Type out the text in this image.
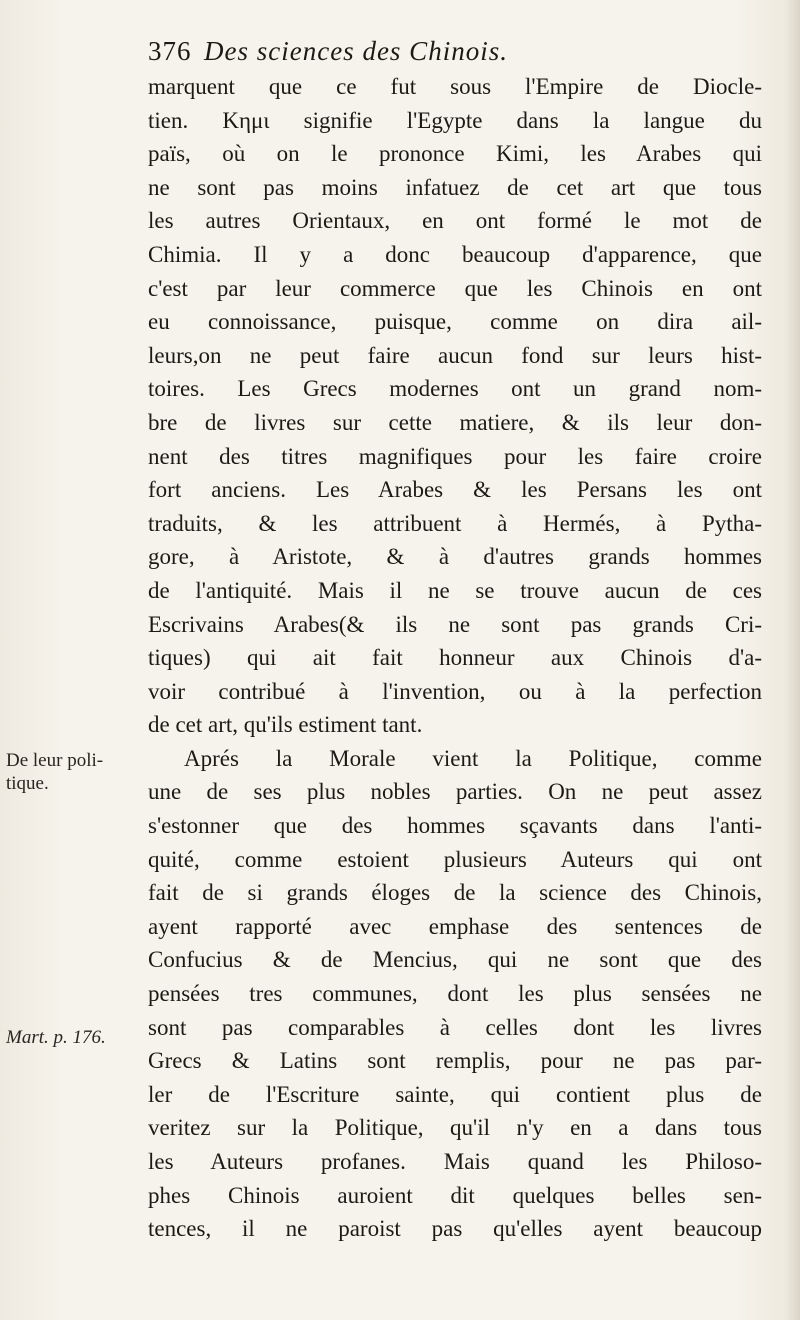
376 Des sciences des Chinois.
marquent que ce fut sous l'Empire de Diocle-
tien. Kημι signifie l'Egypte dans la langue du
païs, où on le prononce Kimi, les Arabes qui
ne sont pas moins infatuez de cet art que tous
les autres Orientaux, en ont formé le mot de
Chimia. Il y a donc beaucoup d'apparence, que
c'est par leur commerce que les Chinois en ont
eu connoissance, puisque, comme on dira ail-
leurs,on ne peut faire aucun fond sur leurs hist-
toires. Les Grecs modernes ont un grand nom-
bre de livres sur cette matiere, & ils leur don-
nent des titres magnifiques pour les faire croire
fort anciens. Les Arabes & les Persans les ont
traduits, & les attribuent à Hermés, à Pytha-
gore, à Aristote, & à d'autres grands hommes
de l'antiquité. Mais il ne se trouve aucun de ces
Escrivains Arabes(& ils ne sont pas grands Cri-
tiques) qui ait fait honneur aux Chinois d'a-
voir contribué à l'invention, ou à la perfection
de cet art, qu'ils estiment tant.
Aprés la Morale vient la Politique, comme
une de ses plus nobles parties. On ne peut assez
s'estonner que des hommes sçavants dans l'anti-
quité, comme estoient plusieurs Auteurs qui ont
fait de si grands éloges de la science des Chinois,
ayent rapporté avec emphase des sentences de
Confucius & de Mencius, qui ne sont que des
pensées tres communes, dont les plus sensées ne
sont pas comparables à celles dont les livres
Grecs & Latins sont remplis, pour ne pas par-
ler de l'Escriture sainte, qui contient plus de
veritez sur la Politique, qu'il n'y en a dans tous
les Auteurs profanes. Mais quand les Philoso-
phes Chinois auroient dit quelques belles sen-
tences, il ne paroist pas qu'elles ayent beaucoup
De leur poli-
tique.
Mart. p. 176.
